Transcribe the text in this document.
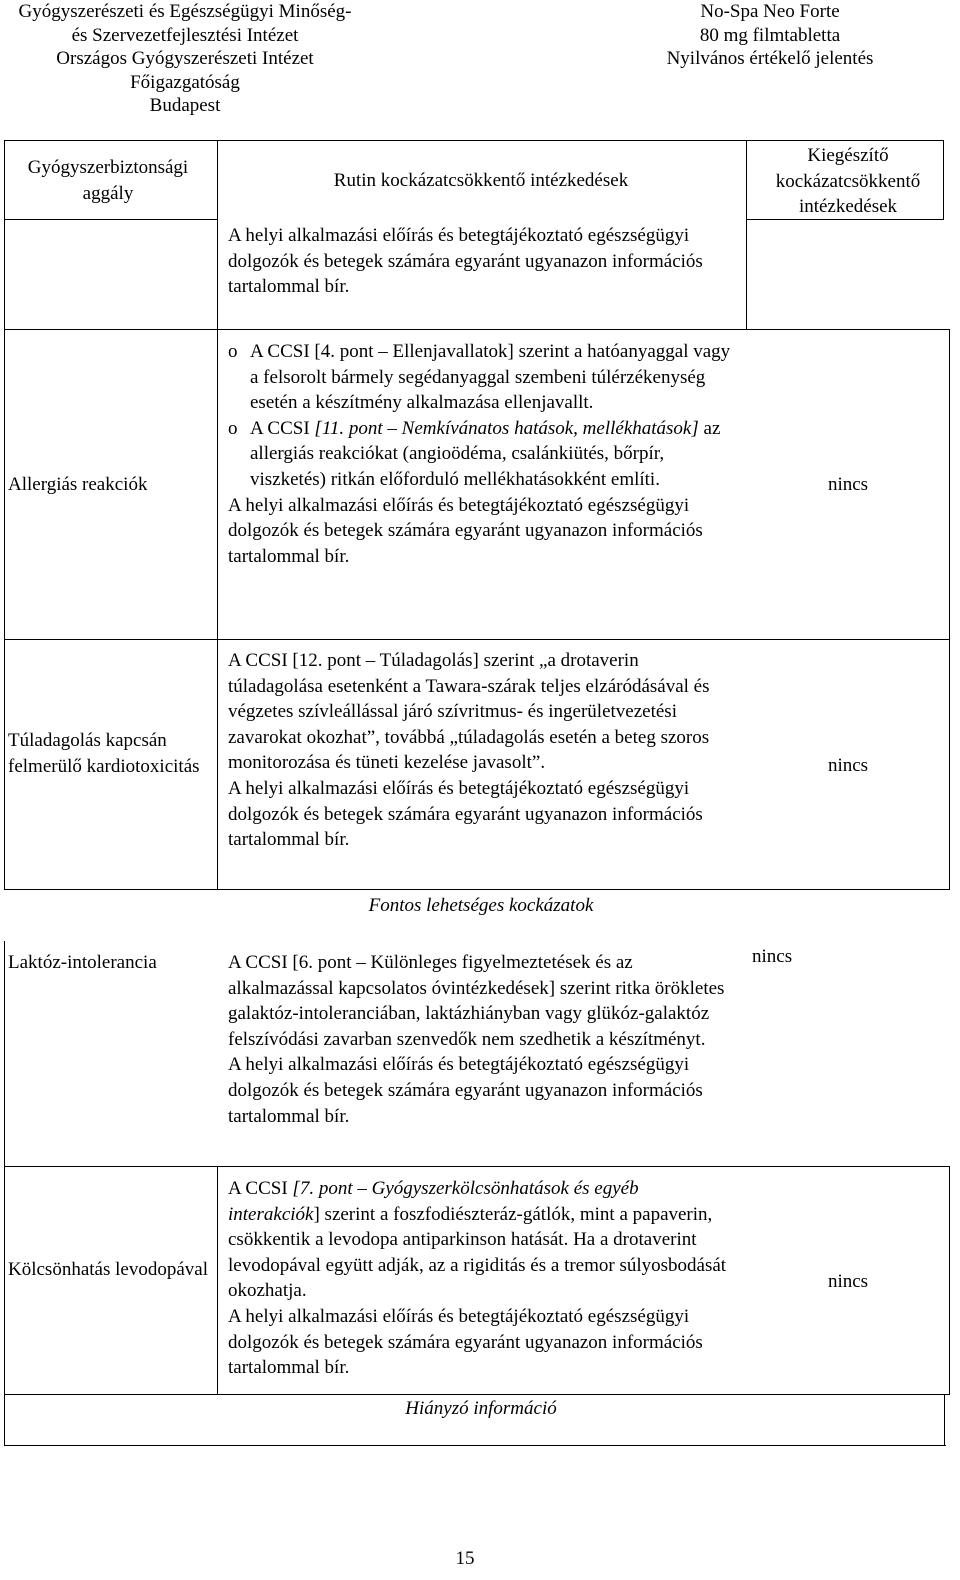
Gyógyszerészeti és Egészségügyi Minőség-
és Szervezetfejlesztési Intézet
Országos Gyógyszerészeti Intézet
Főigazgatóság
Budapest
No-Spa Neo Forte
80 mg filmtabletta
Nyilvános értékelő jelentés
Gyógyszerbiztonsági aggály
Rutin kockázatcsökkentő intézkedések
Kiegészítő kockázatcsökkentő intézkedések
A helyi alkalmazási előírás és betegtájékoztató egészségügyi dolgozók és betegek számára egyaránt ugyanazon információs tartalommal bír.
Allergiás reakciók

o A CCSI [4. pont – Ellenjavallatok] szerint a hatóanyaggal vagy a felsorolt bármely segédanyaggal szembeni túlérzékenység esetén a készítmény alkalmazása ellenjavallt.

o A CCSI [11. pont – Nemkívánatos hatások, mellékhatások] az allergiás reakciókat (angioödéma, csalánkiütés, bőrpír, viszketés) ritkán előforduló mellékhatásokként említi.

A helyi alkalmazási előírás és betegtájékoztató egészségügyi dolgozók és betegek számára egyaránt ugyanazon információs tartalommal bír.

nincs
Túladagolás kapcsán felmerülő kardiotoxicitás

A CCSI [12. pont – Túladagolás] szerint „a drotaverin túladagolása esetenként a Tawara-szárak teljes elzáródásával és végzetes szívleállással járó szívritmus- és ingerületvezetési zavarokat okozhat”, továbbá „túladagolás esetén a beteg szoros monitorozása és tüneti kezelése javasolt”.

A helyi alkalmazási előírás és betegtájékoztató egészségügyi dolgozók és betegek számára egyaránt ugyanazon információs tartalommal bír.

nincs
Fontos lehetséges kockázatok
Laktóz-intolerancia	A CCSI [6. pont – Különleges figyelmeztetések és az alkalmazással kapcsolatos óvintézkedések] szerint ritka örökletes galaktóz-intoleranciában, laktázhiányban vagy glükóz-galaktóz felszívódási zavarban szenvedők nem szedhetik a készítményt.

A helyi alkalmazási előírás és betegtájékoztató egészségügyi dolgozók és betegek számára egyaránt ugyanazon információs tartalommal bír.

nincs
Kölcsönhatás levodopával

A CCSI [7. pont – Gyógyszerkölcsönhatások és egyéb interakciók] szerint a foszfodiészteráz-gátlók, mint a papaverin, csökkentik a levodopa antiparkinson hatását. Ha a drotaverint levodopával együtt adják, az a rigiditás és a tremor súlyosbodását okozhatja.

A helyi alkalmazási előírás és betegtájékoztató egészségügyi dolgozók és betegek számára egyaránt ugyanazon információs tartalommal bír.

nincs
Hiányzó információ
15
